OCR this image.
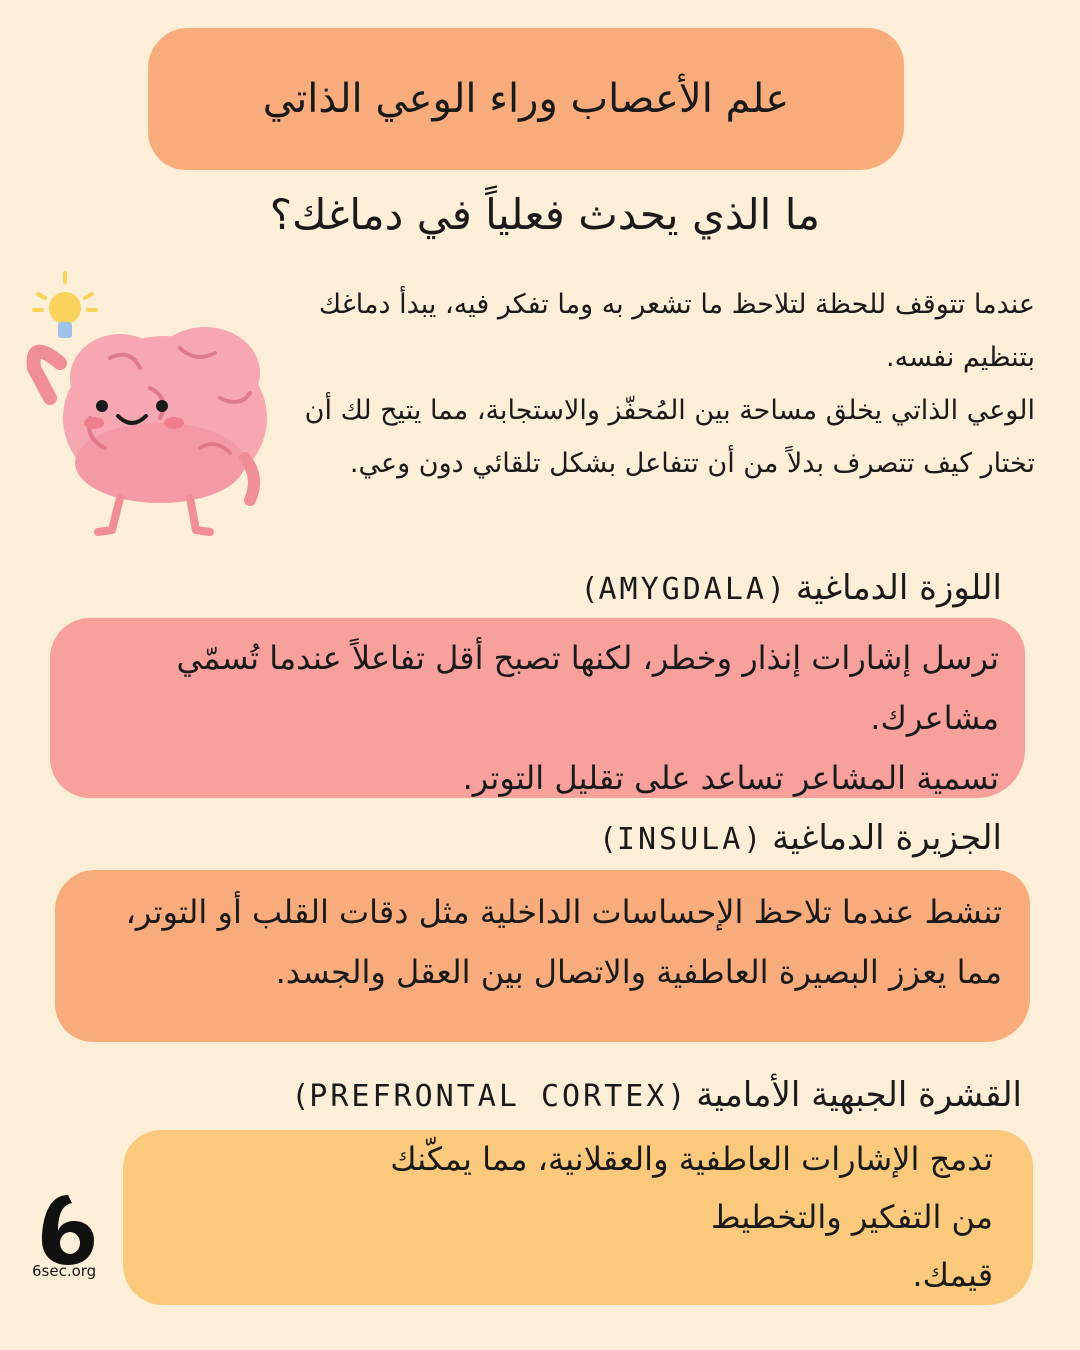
علم الأعصاب وراء الوعي الذاتي
ما الذي يحدث فعلياً في دماغك؟

عندما تتوقف للحظة لتلاحظ ما تشعر به وما تفكر فيه، يبدأ دماغك بتنظيم نفسه.

الوعي الذاتي يخلق مساحة بين المُحفّز والاستجابة، مما يتيح لك أن تختار كيف تتصرف بدلاً من أن تتفاعل بشكل تلقائي دون وعي.

اللوزة الدماغية (AMYGDALA)

ترسل إشارات إنذار وخطر، لكنها تصبح أقل تفاعلاً عندما تُسمّي مشاعرك.

تسمية المشاعر تساعد على تقليل التوتر.

الجزيرة الدماغية (INSULA)

تنشط عندما تلاحظ الإحساسات الداخلية مثل دقات القلب أو التوتر، مما يعزز البصيرة العاطفية والاتصال بين العقل والجسد.

القشرة الجبهية الأمامية (PREFRONTAL CORTEX)

تدمج الإشارات العاطفية والعقلانية، مما يمكّنك

من التفكير والتخطيط

قيمك.

6sec.org
